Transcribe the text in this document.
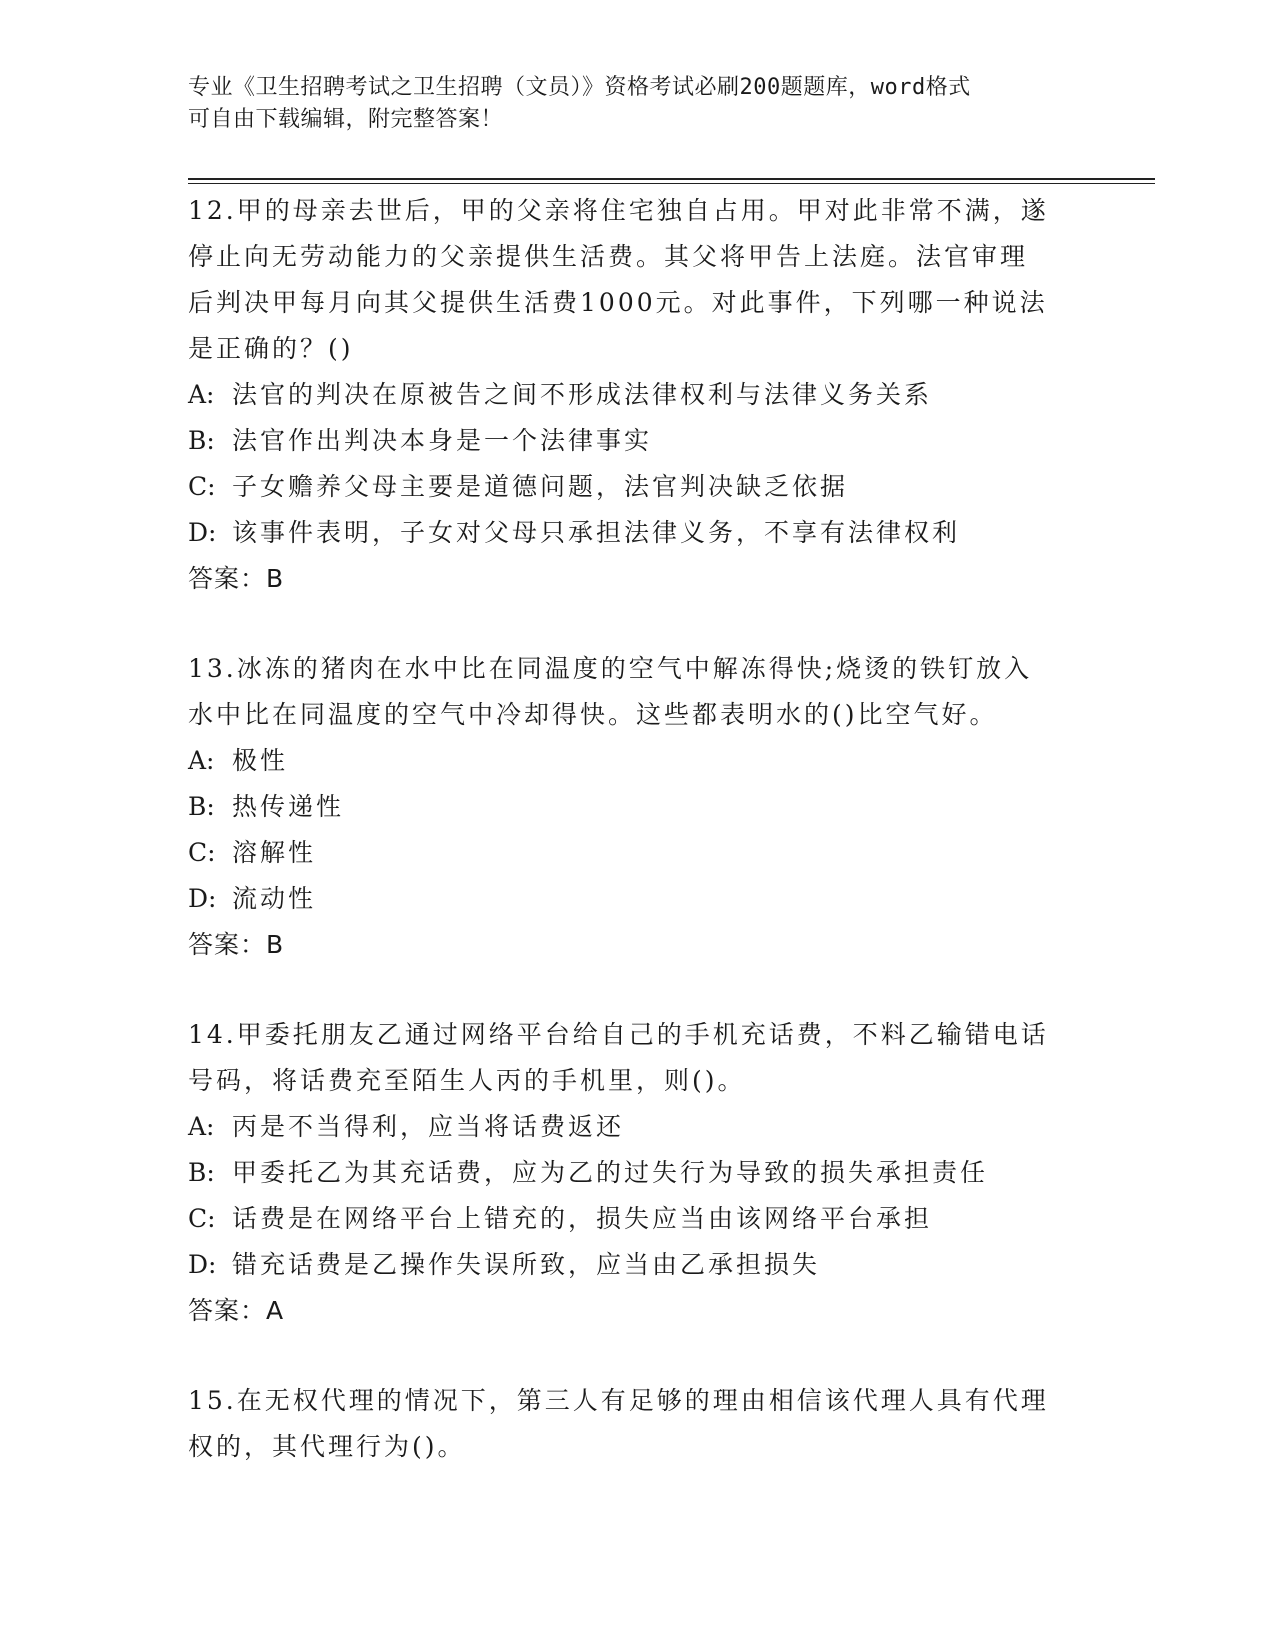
专业《卫生招聘考试之卫生招聘（文员）》资格考试必刷200题题库，word格式
可自由下载编辑，附完整答案！
12.甲的母亲去世后，甲的父亲将住宅独自占用。甲对此非常不满，遂
停止向无劳动能力的父亲提供生活费。其父将甲告上法庭。法官审理
后判决甲每月向其父提供生活费1000元。对此事件，下列哪一种说法
是正确的？()
A: 法官的判决在原被告之间不形成法律权利与法律义务关系
B: 法官作出判决本身是一个法律事实
C: 子女赡养父母主要是道德问题，法官判决缺乏依据
D: 该事件表明，子女对父母只承担法律义务，不享有法律权利
答案：B
13.冰冻的猪肉在水中比在同温度的空气中解冻得快;烧烫的铁钉放入
水中比在同温度的空气中冷却得快。这些都表明水的()比空气好。
A: 极性
B: 热传递性
C: 溶解性
D: 流动性
答案：B
14.甲委托朋友乙通过网络平台给自己的手机充话费，不料乙输错电话
号码，将话费充至陌生人丙的手机里，则()。
A: 丙是不当得利，应当将话费返还
B: 甲委托乙为其充话费，应为乙的过失行为导致的损失承担责任
C: 话费是在网络平台上错充的，损失应当由该网络平台承担
D: 错充话费是乙操作失误所致，应当由乙承担损失
答案：A
15.在无权代理的情况下，第三人有足够的理由相信该代理人具有代理
权的，其代理行为()。
